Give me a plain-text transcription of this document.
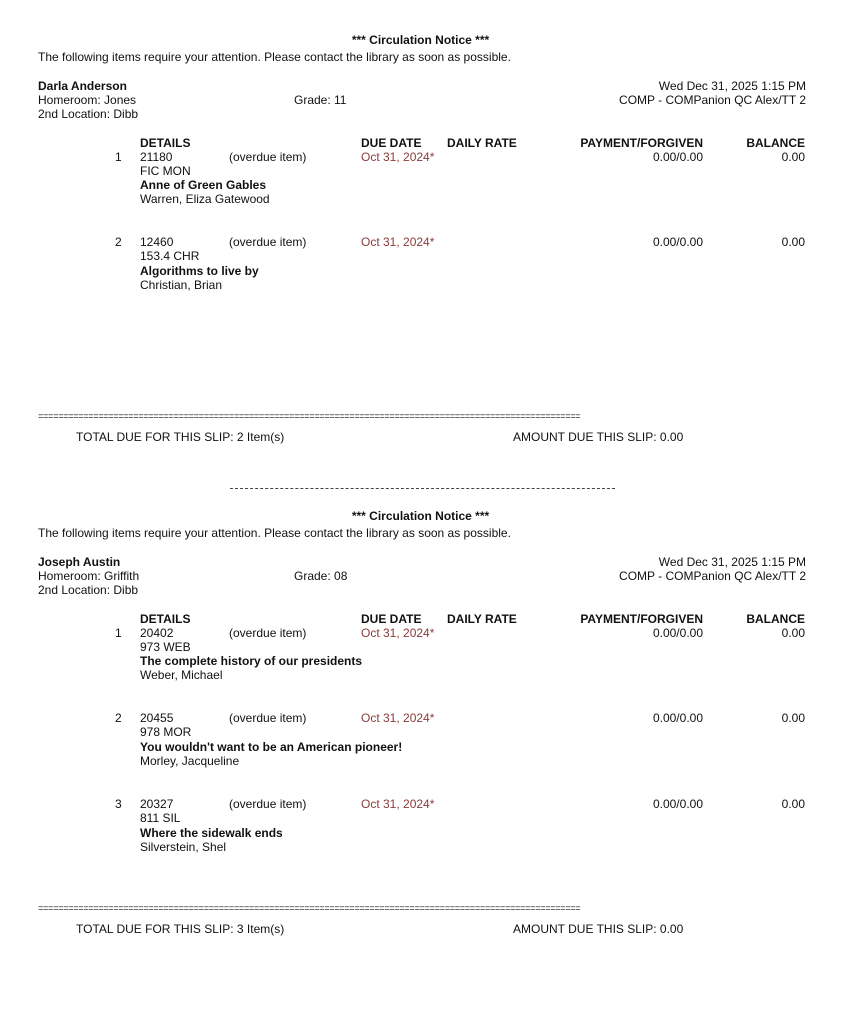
*** Circulation Notice ***
The following items require your attention. Please contact the library as soon as possible.
Darla Anderson
Homeroom: Jones
2nd Location: Dibb
Grade: 11
Wed Dec 31, 2025 1:15 PM
COMP - COMPanion QC Alex/TT 2
DETAILS	DUE DATE DAILY RATE	PAYMENT/FORGIVEN	BALANCE
1 21180	(overdue item)	Oct 31, 2024*	0.00/0.00	0.00
FIC MON
Anne of Green Gables
Warren, Eliza Gatewood
2 12460	(overdue item)	Oct 31, 2024*	0.00/0.00	0.00
153.4 CHR
Algorithms to live by
Christian, Brian
============================================================================================================
TOTAL DUE FOR THIS SLIP: 2 Item(s)	AMOUNT DUE THIS SLIP: 0.00
*** Circulation Notice ***
The following items require your attention. Please contact the library as soon as possible.
Joseph Austin
Homeroom: Griffith
2nd Location: Dibb
Grade: 08
Wed Dec 31, 2025 1:15 PM
COMP - COMPanion QC Alex/TT 2
DETAILS	DUE DATE DAILY RATE	PAYMENT/FORGIVEN	BALANCE
1 20402	(overdue item)	Oct 31, 2024*	0.00/0.00	0.00
973 WEB
The complete history of our presidents
Weber, Michael
2 20455	(overdue item)	Oct 31, 2024*	0.00/0.00	0.00
978 MOR
You wouldn't want to be an American pioneer!
Morley, Jacqueline
3 20327	(overdue item)	Oct 31, 2024*	0.00/0.00	0.00
811 SIL
Where the sidewalk ends
Silverstein, Shel
============================================================================================================
TOTAL DUE FOR THIS SLIP: 3 Item(s)	AMOUNT DUE THIS SLIP: 0.00
